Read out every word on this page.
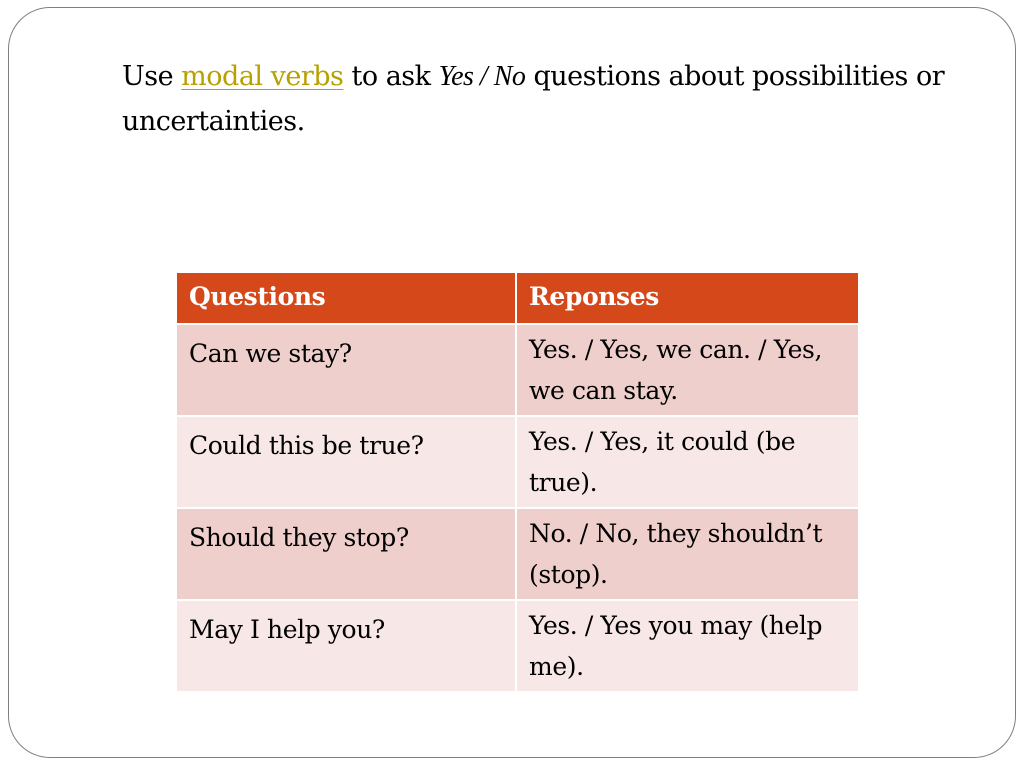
Use modal verbs to ask Yes / No questions about possibilities or uncertainties.
Questions	Reponses
Can we stay?	Yes. / Yes, we can. / Yes, we can stay.
Could this be true?	Yes. / Yes, it could (be true).
Should they stop?	No. / No, they shouldn’t (stop).
May I help you?	Yes. / Yes you may (help me).
